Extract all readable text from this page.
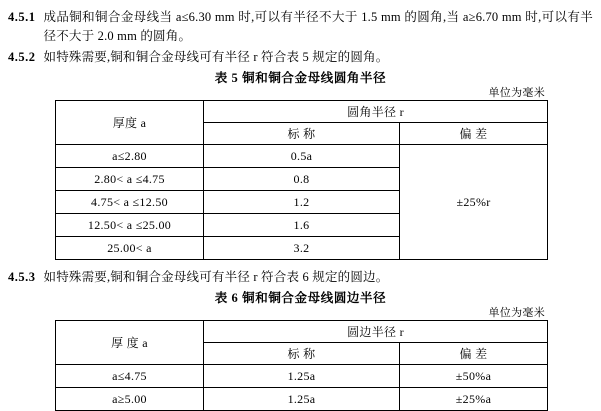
4.5.1 成品铜和铜合金母线当 a≤6.30 mm 时,可以有半径不大于 1.5 mm 的圆角,当 a≥6.70 mm 时,可以有半径不大于 2.0 mm 的圆角。
4.5.2 如特殊需要,铜和铜合金母线可有半径 r 符合表 5 规定的圆角。
表 5 铜和铜合金母线圆角半径
单位为毫米
厚度 a	圆角半径 r	
	标 称	偏 差
a≤2.80	0.5a	±25%r
2.80< a ≤4.75	0.8	
4.75< a ≤12.50	1.2	
12.50< a ≤25.00	1.6	
25.00< a	3.2	
4.5.3 如特殊需要,铜和铜合金母线可有半径 r 符合表 6 规定的圆边。
表 6 铜和铜合金母线圆边半径
单位为毫米
厚 度 a	圆边半径 r	
	标 称	偏 差
a≤4.75	1.25a	±50%a
a≥5.00	1.25a	±25%a
